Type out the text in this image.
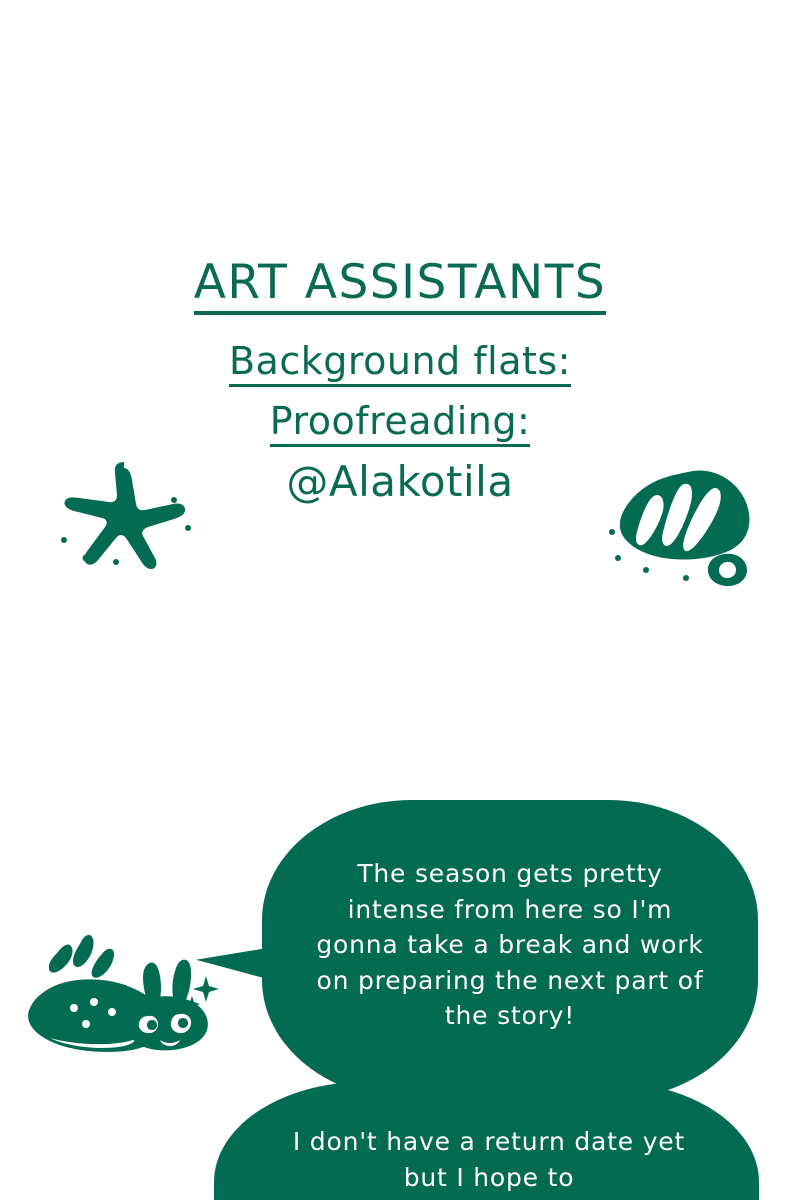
ART ASSISTANTS
Background flats:
Proofreading:
@Alakotila
The season gets pretty intense from here so I'm gonna take a break and work on preparing the next part of the story!
I don't have a return date yet but I hope to
